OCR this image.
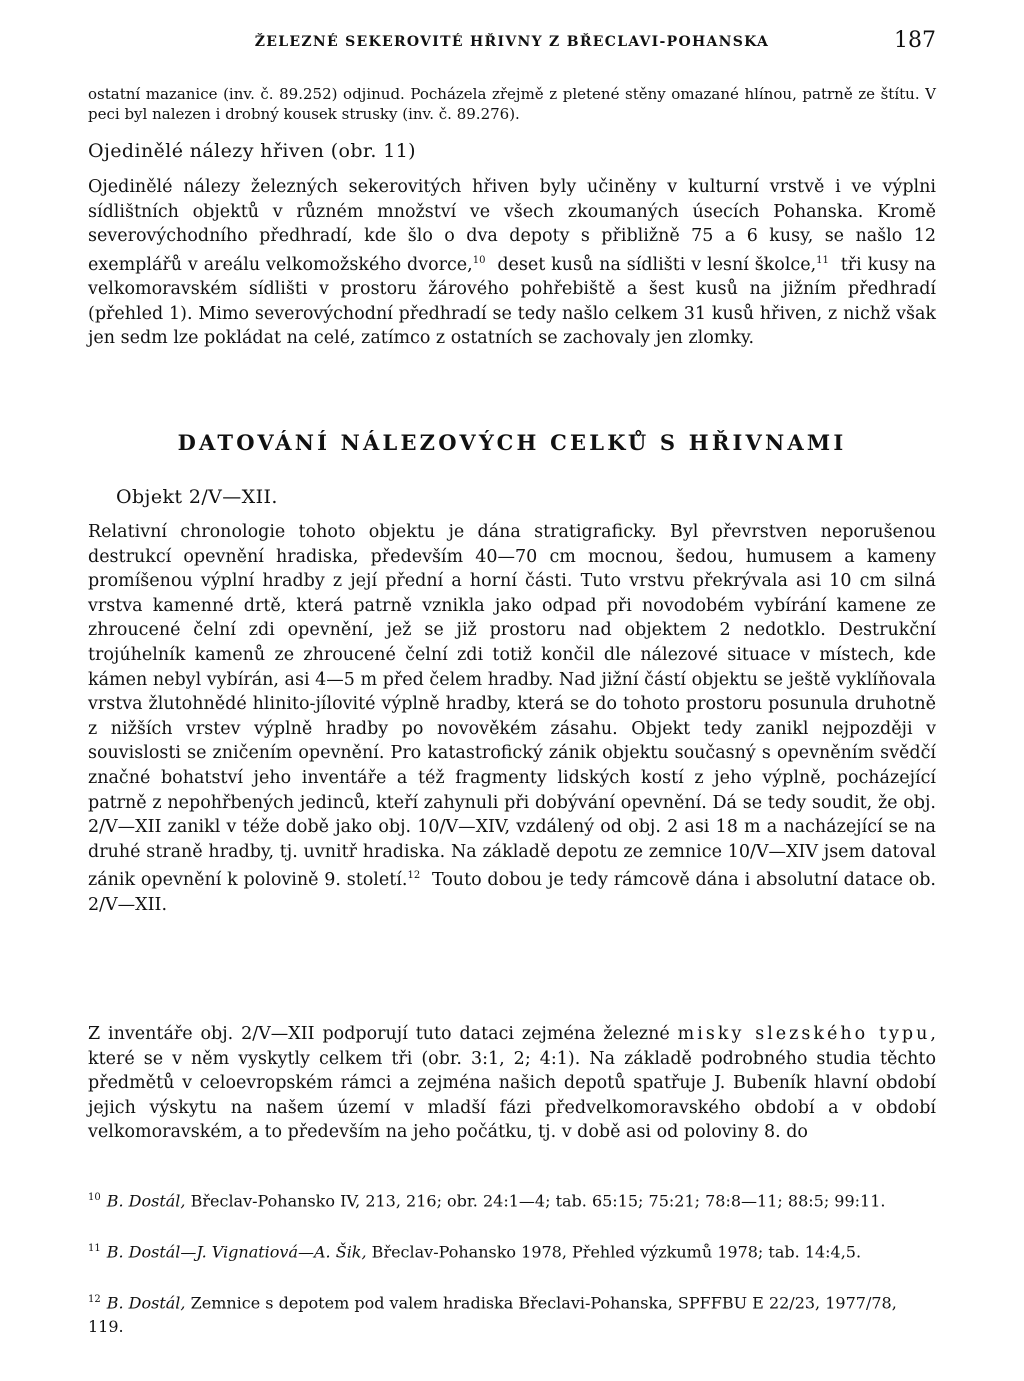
ŽELEZNÉ SEKEROVITÉ HŘIVNY Z BŘECLAVI-POHANSKA	187

ostatní mazanice (inv. č. 89.252) odjinud. Pocházela zřejmě z pletené stěny omazané hlínou, patrně ze štítu. V peci byl nalezen i drobný kousek strusky (inv. č. 89.276).

Ojedinělé nálezy hřiven (obr. 11)

Ojedinělé nálezy železných sekerovitých hřiven byly učiněny v kulturní vrstvě i ve výplni sídlištních objektů v různém množství ve všech zkoumaných úsecích Pohanska. Kromě severovýchodního předhradí, kde šlo o dva depoty s přibližně 75 a 6 kusy, se našlo 12 exemplářů v areálu velkomožského dvorce,$^{10}$ deset kusů na sídlišti v lesní školce,$^{11}$ tři kusy na velkomoravském sídlišti v prostoru žárového pohřebiště a šest kusů na jižním předhradí (přehled 1). Mimo severovýchodní předhradí se tedy našlo celkem 31 kusů hřiven, z nichž však jen sedm lze pokládat na celé, zatímco z ostatních se zachovaly jen zlomky.

DATOVÁNÍ NÁLEZOVÝCH CELKŮ S HŘIVNAMI
Objekt 2/V—XII.

Relativní chronologie tohoto objektu je dána stratigraficky. Byl převrstven neporušenou destrukcí opevnění hradiska, především 40—70 cm mocnou, šedou, humusem a kameny promíšenou výplní hradby z její přední a horní části. Tuto vrstvu překrývala asi 10 cm silná vrstva kamenné drtě, která patrně vznikla jako odpad při novodobém vybírání kamene ze zhroucené čelní zdi opevnění, jež se již prostoru nad objektem 2 nedotklo. Destrukční trojúhelník kamenů ze zhroucené čelní zdi totiž končil dle nálezové situace v místech, kde kámen nebyl vybírán, asi 4—5 m před čelem hradby. Nad jižní částí objektu se ještě vyklíňovala vrstva žlutohnědé hlinito-jílovité výplně hradby, která se do tohoto prostoru posunula druhotně z nižších vrstev výplně hradby po novověkém zásahu. Objekt tedy zanikl nejpozději v souvislosti se zničením opevnění. Pro katastrofický zánik objektu současný s opevněním svědčí značné bohatství jeho inventáře a též fragmenty lidských kostí z jeho výplně, pocházející patrně z nepohřbených jedinců, kteří zahynuli při dobývání opevnění. Dá se tedy soudit, že obj. 2/V—XII zanikl v téže době jako obj. 10/V—XIV, vzdálený od obj. 2 asi 18 m a nacházející se na druhé straně hradby, tj. uvnitř hradiska. Na základě depotu ze zemnice 10/V—XIV jsem datoval zánik opevnění k polovině 9. století.$^{12}$ Touto dobou je tedy rámcově dána i absolutní datace ob. 2/V—XII.

Z inventáře obj. 2/V—XII podporují tuto dataci zejména železné misky slezského typu, které se v něm vyskytly celkem tři (obr. 3:1, 2; 4:1). Na základě podrobného studia těchto předmětů v celoevropském rámci a zejména našich depotů spatřuje J. Bubeník hlavní období jejich výskytu na našem území v mladší fázi předvelkomoravského období a v období velkomoravském, a to především na jeho počátku, tj. v době asi od poloviny 8. do

$^{10}$ B. Dostál, Břeclav-Pohansko IV, 213, 216; obr. 24:1—4; tab. 65:15; 75:21; 78:8—11; 88:5; 99:11.
$^{11}$ B. Dostál—J. Vignatiová—A. Šik, Břeclav-Pohansko 1978, Přehled výzkumů 1978; tab. 14:4,5.
$^{12}$ B. Dostál, Zemnice s depotem pod valem hradiska Břeclavi-Pohanska, SPFFBU E 22/23, 1977/78, 119.
